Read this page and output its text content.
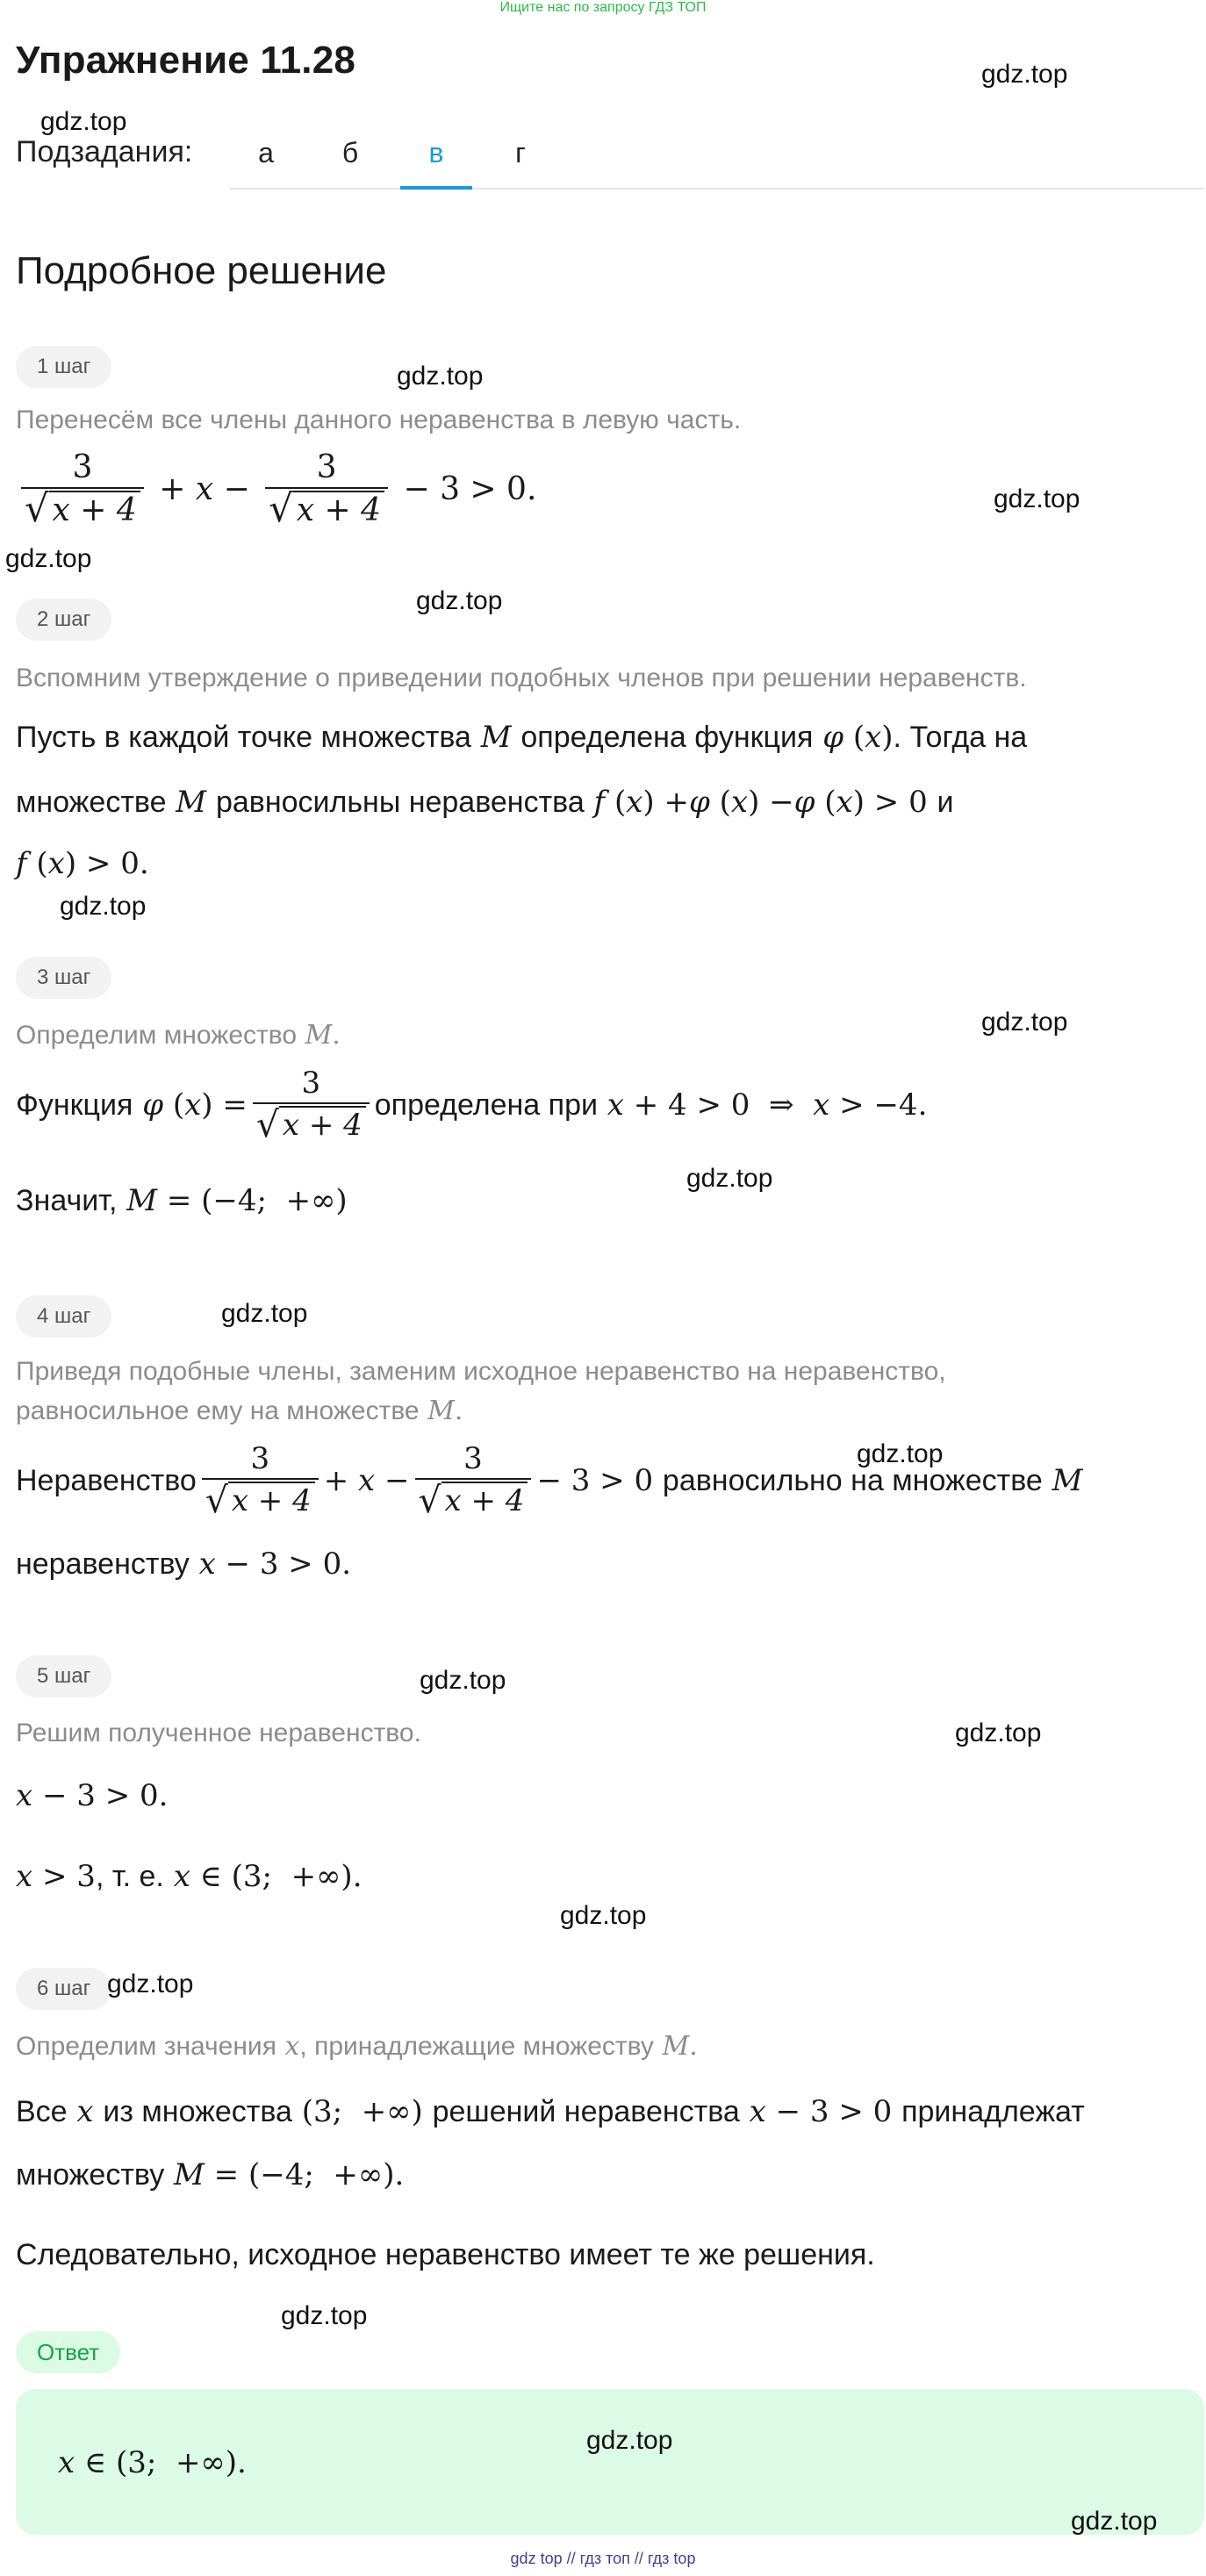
Ищите нас по запросу ГДЗ ТОП
Упражнение 11.28	gdz.top
gdz.top
Подзадания:	а	б	в	г
Подробное решение
1 шаг	gdz.top
Перенесём все члены данного неравенства в левую часть.
$\frac{3}{√ x + 4} + x - \frac{3}{√ x + 4} - 3 > 0$.	gdz.top
gdz.top
2 шаг
gdz.top
Вспомним утверждение о приведении подобных членов при решении неравенств.
Пусть в каждой точке множества M определена функция φ ( x ) . Тогда на
множестве M равносильны неравенства f ( x ) + φ ( x ) − φ ( x ) > 0 и
f ( x ) > 0.
gdz.top
3 шаг
gdz.top
Определим множество M .
Функция φ ( x ) = $\frac{3}{√ x + 4}$ определена при x + 4 > 0  ⇒ x > −4.
gdz.top
Значит, M = (−4;  +∞)
4 шаг	gdz.top
Приведя подобные члены, заменим исходное неравенство на неравенство,
равносильное ему на множестве M .
gdz.top
Неравенство $\frac{3}{√ x + 4} + x - \frac{3}{√ x + 4} - 3 > 0$ равносильно на множестве M
неравенству x − 3 > 0.
5 шаг	gdz.top
Решим полученное неравенство.	gdz.top
x − 3 > 0.
x > 3 , т. е. x ∈ (3;  +∞).
gdz.top
6 шаг gdz.top
Определим значения x , принадлежащие множеству M .
Все x из множества (3;  +∞) решений неравенства x − 3 > 0 принадлежат
множеству M = (−4;  +∞).
Следовательно, исходное неравенство имеет те же решения.
gdz.top
Ответ
x ∈ (3;  +∞).
gdz.top
gdz.top
gdz top // гдз топ // гдз top
